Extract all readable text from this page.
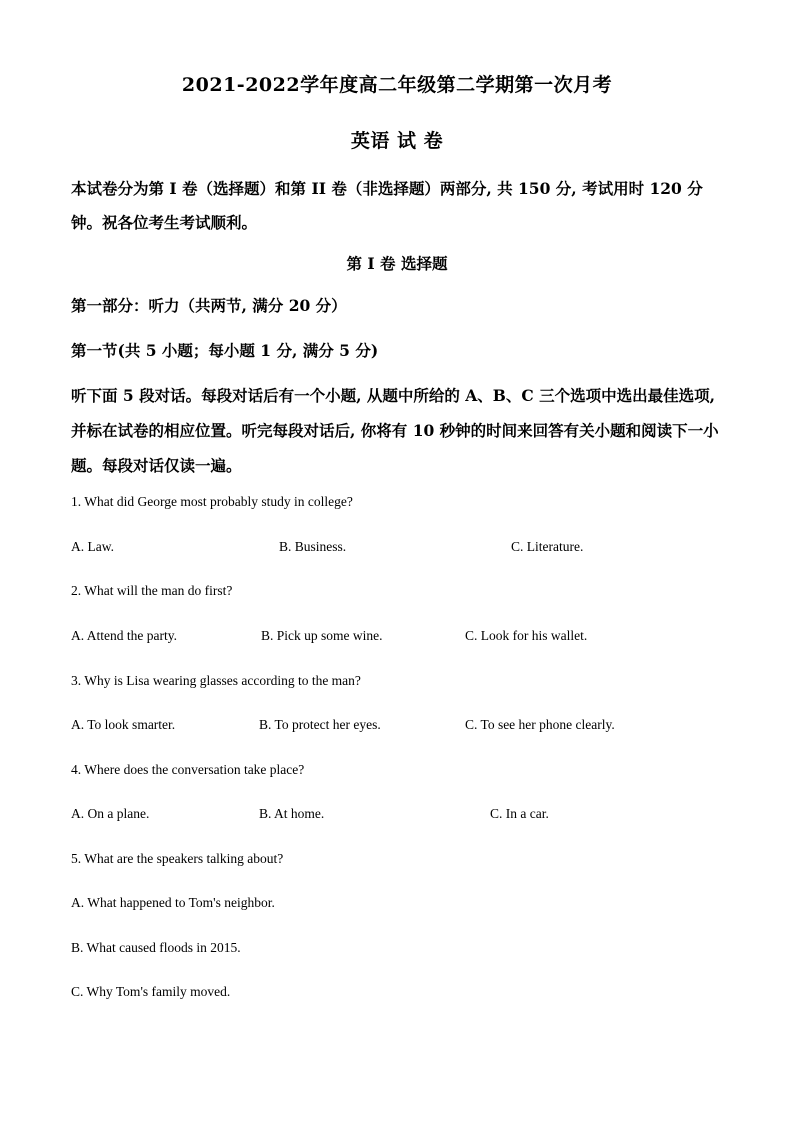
2021-2022学年度高二年级第二学期第一次月考
英语 试 卷
本试卷分为第 I 卷（选择题）和第 II 卷（非选择题）两部分, 共 150 分, 考试用时 120 分钟。祝各位考生考试顺利。
第 I 卷 选择题
第一部分：听力（共两节, 满分 20 分）
第一节(共 5 小题；每小题 1 分, 满分 5 分)
听下面 5 段对话。每段对话后有一个小题, 从题中所给的 A、B、C 三个选项中选出最佳选项, 并标在试卷的相应位置。听完每段对话后, 你将有 10 秒钟的时间来回答有关小题和阅读下一小题。每段对话仅读一遍。
1. What did George most probably study in college?
A. Law.	B. Business.	C. Literature.
2. What will the man do first?
A. Attend the party.	B. Pick up some wine.	C. Look for his wallet.
3. Why is Lisa wearing glasses according to the man?
A. To look smarter.	B. To protect her eyes.	C. To see her phone clearly.
4. Where does the conversation take place?
A. On a plane.	B. At home.	C. In a car.
5. What are the speakers talking about?
A. What happened to Tom's neighbor.
B. What caused floods in 2015.
C. Why Tom's family moved.
